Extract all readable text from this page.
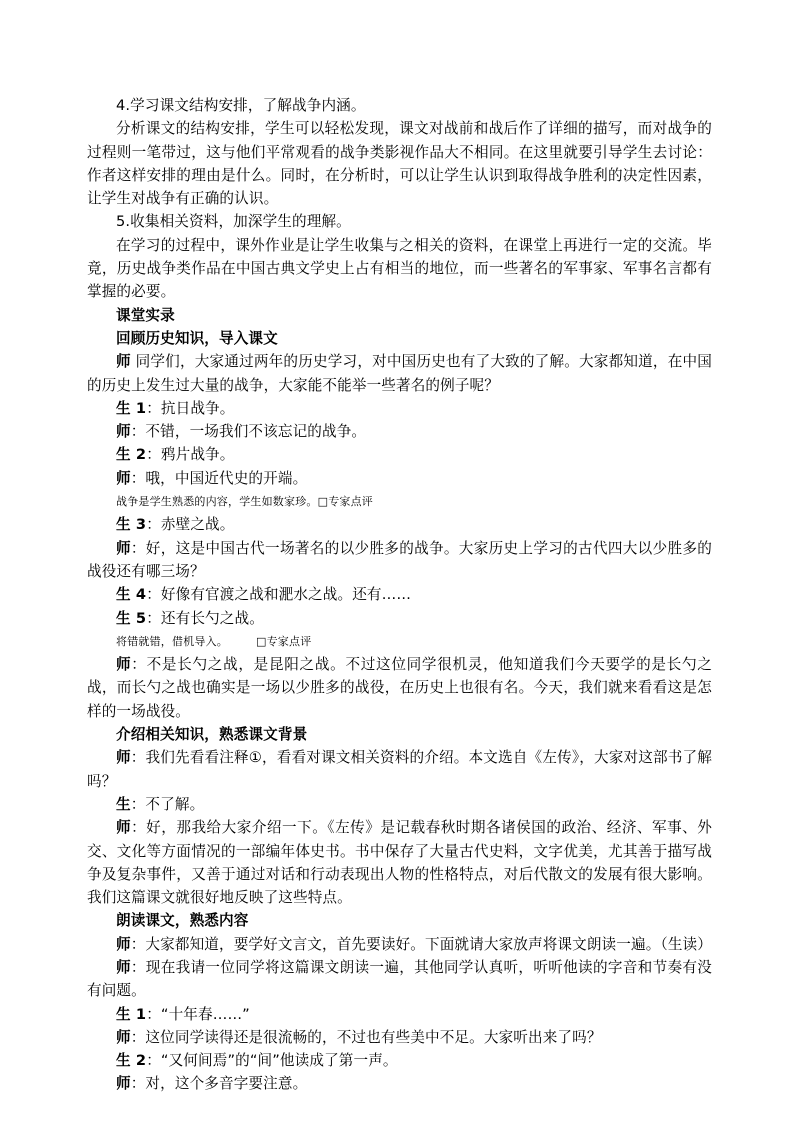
4.学习课文结构安排，了解战争内涵。

分析课文的结构安排，学生可以轻松发现，课文对战前和战后作了详细的描写，而对战争的过程则一笔带过，这与他们平常观看的战争类影视作品大不相同。在这里就要引导学生去讨论：作者这样安排的理由是什么。同时，在分析时，可以让学生认识到取得战争胜利的决定性因素，让学生对战争有正确的认识。

5.收集相关资料，加深学生的理解。

在学习的过程中，课外作业是让学生收集与之相关的资料，在课堂上再进行一定的交流。毕竟，历史战争类作品在中国古典文学史上占有相当的地位，而一些著名的军事家、军事名言都有掌握的必要。

课堂实录

回顾历史知识，导入课文

师 同学们，大家通过两年的历史学习，对中国历史也有了大致的了解。大家都知道，在中国的历史上发生过大量的战争，大家能不能举一些著名的例子呢？

生 1：抗日战争。

师：不错，一场我们不该忘记的战争。

生 2：鸦片战争。

师：哦，中国近代史的开端。

战争是学生熟悉的内容，学生如数家珍。□专家点评

生 3：赤壁之战。

师：好，这是中国古代一场著名的以少胜多的战争。大家历史上学习的古代四大以少胜多的战役还有哪三场？

生 4：好像有官渡之战和淝水之战。还有……

生 5：还有长勺之战。

将错就错，借机导入。	□专家点评

师：不是长勺之战，是昆阳之战。不过这位同学很机灵，他知道我们今天要学的是长勺之战，而长勺之战也确实是一场以少胜多的战役，在历史上也很有名。今天，我们就来看看这是怎样的一场战役。

介绍相关知识，熟悉课文背景

师：我们先看看注释①，看看对课文相关资料的介绍。本文选自《左传》，大家对这部书了解吗？

生：不了解。

师：好，那我给大家介绍一下。《左传》是记载春秋时期各诸侯国的政治、经济、军事、外交、文化等方面情况的一部编年体史书。书中保存了大量古代史料，文字优美，尤其善于描写战争及复杂事件，又善于通过对话和行动表现出人物的性格特点，对后代散文的发展有很大影响。我们这篇课文就很好地反映了这些特点。

朗读课文，熟悉内容

师：大家都知道，要学好文言文，首先要读好。下面就请大家放声将课文朗读一遍。（生读）

师：现在我请一位同学将这篇课文朗读一遍，其他同学认真听，听听他读的字音和节奏有没有问题。

生 1：“十年春……”

师：这位同学读得还是很流畅的，不过也有些美中不足。大家听出来了吗？

生 2：“又何间焉”的“间”他读成了第一声。

师：对，这个多音字要注意。
